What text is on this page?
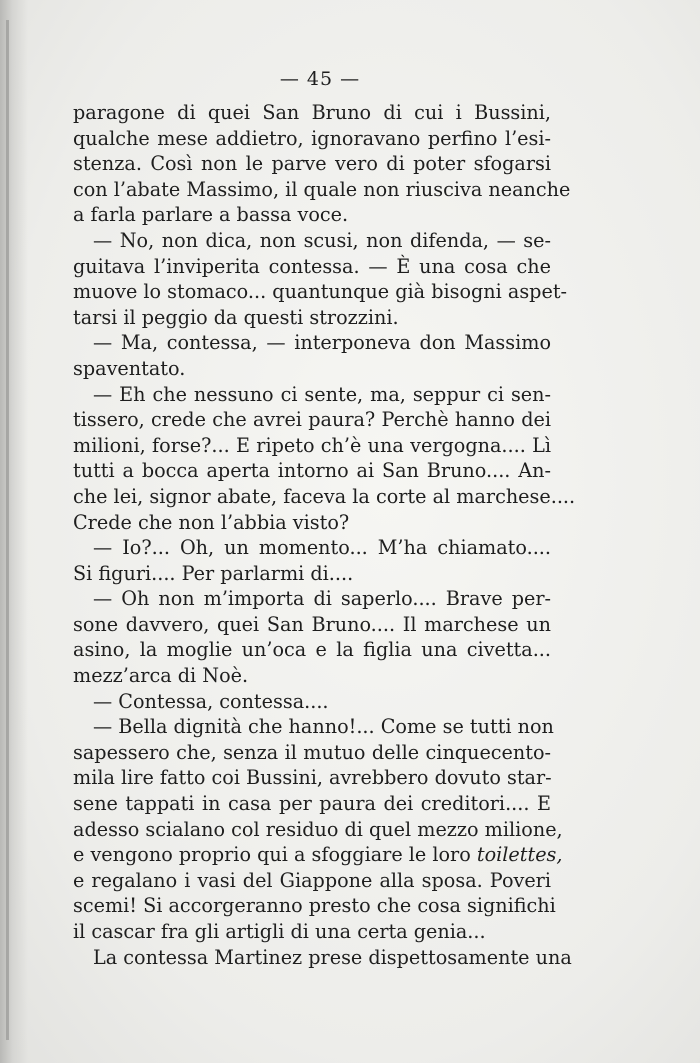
— 45 —
paragone di quei San Bruno di cui i Bussini,
qualche mese addietro, ignoravano perfino l’esi-
stenza. Così non le parve vero di poter sfogarsi
con l’abate Massimo, il quale non riusciva neanche
a farla parlare a bassa voce.
— No, non dica, non scusi, non difenda, — se-
guitava l’inviperita contessa. — È una cosa che
muove lo stomaco... quantunque già bisogni aspet-
tarsi il peggio da questi strozzini.
— Ma, contessa, — interponeva don Massimo
spaventato.
— Eh che nessuno ci sente, ma, seppur ci sen-
tissero, crede che avrei paura? Perchè hanno dei
milioni, forse?... E ripeto ch’è una vergogna.... Lì
tutti a bocca aperta intorno ai San Bruno.... An-
che lei, signor abate, faceva la corte al marchese....
Crede che non l’abbia visto?
— Io?... Oh, un momento... M’ha chiamato....
Si figuri.... Per parlarmi di....
— Oh non m’importa di saperlo.... Brave per-
sone davvero, quei San Bruno.... Il marchese un
asino, la moglie un’oca e la figlia una civetta...
mezz’arca di Noè.
— Contessa, contessa....
— Bella dignità che hanno!... Come se tutti non
sapessero che, senza il mutuo delle cinquecento-
mila lire fatto coi Bussini, avrebbero dovuto star-
sene tappati in casa per paura dei creditori.... E
adesso scialano col residuo di quel mezzo milione,
e vengono proprio qui a sfoggiare le loro toilettes,
e regalano i vasi del Giappone alla sposa. Poveri
scemi! Si accorgeranno presto che cosa significhi
il cascar fra gli artigli di una certa genia...
La contessa Martinez prese dispettosamente una
